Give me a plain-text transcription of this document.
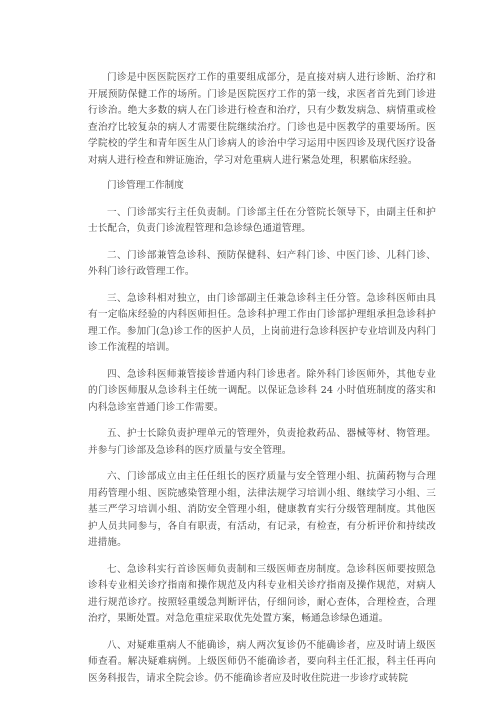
门诊是中医医院医疗工作的重要组成部分，是直接对病人进行诊断、治疗和开展预防保健工作的场所。门诊是医院医疗工作的第一线，求医者首先到门诊进行诊治。绝大多数的病人在门诊进行检查和治疗，只有少数发病急、病情重或检查治疗比较复杂的病人才需要住院继续治疗。门诊也是中医教学的重要场所。医学院校的学生和青年医生从门诊病人的诊治中学习运用中医四诊及现代医疗设备对病人进行检查和辨证施治，学习对危重病人进行紧急处理，积累临床经验。

门诊管理工作制度

一、门诊部实行主任负责制。门诊部主任在分管院长领导下，由副主任和护士长配合，负责门诊流程管理和急诊绿色通道管理。

二、门诊部兼管急诊科、预防保健科、妇产科门诊、中医门诊、儿科门诊、外科门诊行政管理工作。

三、急诊科相对独立，由门诊部副主任兼急诊科主任分管。急诊科医师由具有一定临床经验的内科医师担任。急诊科护理工作由门诊部护理组承担急诊科护理工作。参加门(急)诊工作的医护人员，上岗前进行急诊科医护专业培训及内科门诊工作流程的培训。

四、急诊科医师兼管接诊普通内科门诊患者。除外科门诊医师外，其他专业的门诊医师服从急诊科主任统一调配。以保证急诊科 24 小时值班制度的落实和内科急诊室普通门诊工作需要。

五、护士长除负责护理单元的管理外，负责抢救药品、器械等材、物管理。并参与门诊部及急诊科的医疗质量与安全管理。

六、门诊部成立由主任任组长的医疗质量与安全管理小组、抗菌药物与合理用药管理小组、医院感染管理小组，法律法规学习培训小组、继续学习小组、三基三严学习培训小组、消防安全管理小组，健康教育实行分级管理制度。其他医护人员共同参与，各自有职责，有活动，有记录，有检查，有分析评价和持续改进措施。

七、急诊科实行首诊医师负责制和三级医师查房制度。急诊科医师要按照急诊科专业相关诊疗指南和操作规范及内科专业相关诊疗指南及操作规范，对病人进行规范诊疗。按照轻重缓急判断评估，仔细问诊，耐心查体，合理检查，合理治疗，果断处置。对急危重症采取优先处置方案，畅通急诊绿色通道。

八、对疑难重病人不能确诊，病人两次复诊仍不能确诊者，应及时请上级医师查看。解决疑难病例。上级医师仍不能确诊者，要向科主任汇报，科主任再向医务科报告，请求全院会诊。仍不能确诊者应及时收住院进一步诊疗或转院
